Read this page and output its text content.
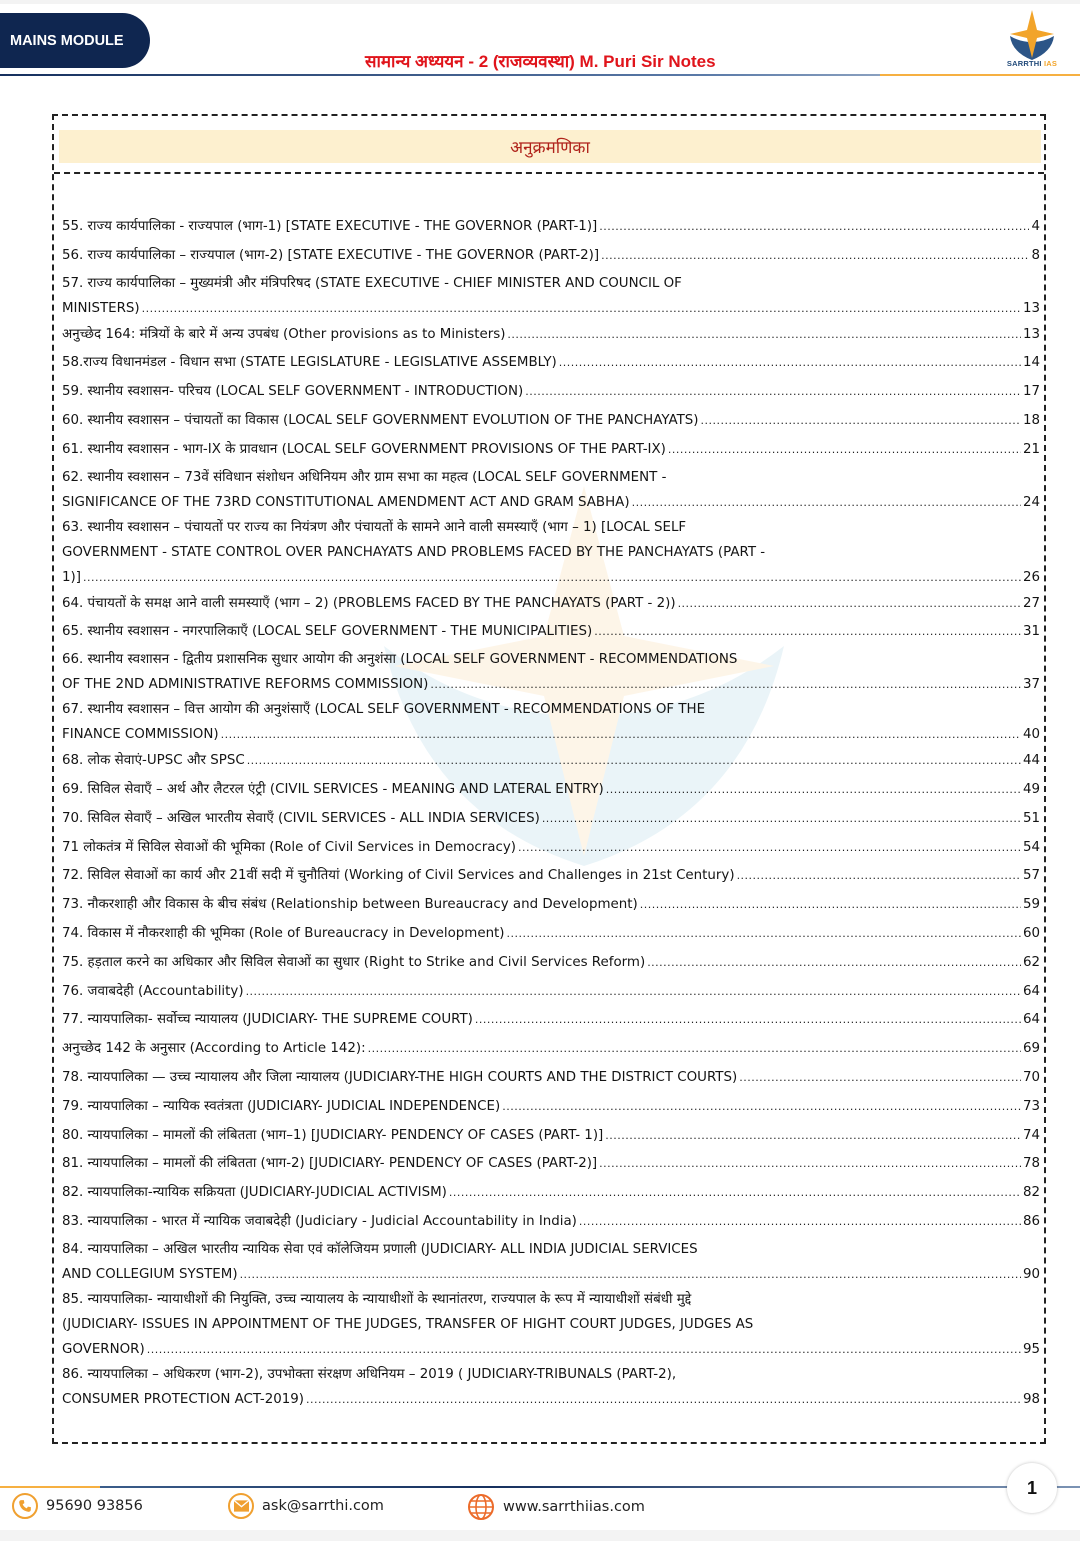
MAINS MODULE
सामान्य अध्ययन - 2 (राजव्यवस्था) M. Puri Sir Notes	SARRTHI IAS
अनुक्रमणिका
55. राज्य कार्यपालिका - राज्यपाल (भाग-1) [STATE EXECUTIVE - THE GOVERNOR (PART-1)] .....	4
56. राज्य कार्यपालिका – राज्यपाल (भाग-2) [STATE EXECUTIVE - THE GOVERNOR (PART-2)] .....	8
57. राज्य कार्यपालिका – मुख्यमंत्री और मंत्रिपरिषद (STATE EXECUTIVE - CHIEF MINISTER AND COUNCIL OF
MINISTERS) .....	13
अनुच्छेद 164: मंत्रियों के बारे में अन्य उपबंध (Other provisions as to Ministers) .....	13
58.राज्य विधानमंडल - विधान सभा (STATE LEGISLATURE - LEGISLATIVE ASSEMBLY) .....	14
59. स्थानीय स्वशासन- परिचय (LOCAL SELF GOVERNMENT - INTRODUCTION) .....	17
60. स्थानीय स्वशासन – पंचायतों का विकास (LOCAL SELF GOVERNMENT EVOLUTION OF THE PANCHAYATS) .....	18
61. स्थानीय स्वशासन - भाग-IX के प्रावधान (LOCAL SELF GOVERNMENT PROVISIONS OF THE PART-IX) .....	21
62. स्थानीय स्वशासन – 73वें संविधान संशोधन अधिनियम और ग्राम सभा का महत्व (LOCAL SELF GOVERNMENT -
SIGNIFICANCE OF THE 73RD CONSTITUTIONAL AMENDMENT ACT AND GRAM SABHA) .....	24
63. स्थानीय स्वशासन – पंचायतों पर राज्य का नियंत्रण और पंचायतों के सामने आने वाली समस्याएँ (भाग – 1) [LOCAL SELF
GOVERNMENT - STATE CONTROL OVER PANCHAYATS AND PROBLEMS FACED BY THE PANCHAYATS (PART -
1)] .....	26
64. पंचायतों के समक्ष आने वाली समस्याएँ (भाग – 2) (PROBLEMS FACED BY THE PANCHAYATS (PART - 2)) .....	27
65. स्थानीय स्वशासन - नगरपालिकाएँ (LOCAL SELF GOVERNMENT - THE MUNICIPALITIES) .....	31
66. स्थानीय स्वशासन - द्वितीय प्रशासनिक सुधार आयोग की अनुशंसा (LOCAL SELF GOVERNMENT - RECOMMENDATIONS
OF THE 2ND ADMINISTRATIVE REFORMS COMMISSION) .....	37
67. स्थानीय स्वशासन – वित्त आयोग की अनुशंसाएँ (LOCAL SELF GOVERNMENT - RECOMMENDATIONS OF THE
FINANCE COMMISSION) .....	40
68. लोक सेवाएं-UPSC और SPSC .....	44
69. सिविल सेवाएँ – अर्थ और लैटरल एंट्री (CIVIL SERVICES - MEANING AND LATERAL ENTRY) .....	49
70. सिविल सेवाएँ – अखिल भारतीय सेवाएँ (CIVIL SERVICES - ALL INDIA SERVICES) .....	51
71 लोकतंत्र में सिविल सेवाओं की भूमिका (Role of Civil Services in Democracy) .....	54
72. सिविल सेवाओं का कार्य और 21वीं सदी में चुनौतियां (Working of Civil Services and Challenges in 21st Century) .....	57
73. नौकरशाही और विकास के बीच संबंध (Relationship between Bureaucracy and Development) .....	59
74. विकास में नौकरशाही की भूमिका (Role of Bureaucracy in Development) .....	60
75. हड़ताल करने का अधिकार और सिविल सेवाओं का सुधार (Right to Strike and Civil Services Reform) .....	62
76. जवाबदेही (Accountability) .....	64
77. न्यायपालिका- सर्वोच्च न्यायालय (JUDICIARY- THE SUPREME COURT) .....	64
अनुच्छेद 142 के अनुसार (According to Article 142): .....	69
78. न्यायपालिका — उच्च न्यायालय और जिला न्यायालय (JUDICIARY-THE HIGH COURTS AND THE DISTRICT COURTS) .....	70
79. न्यायपालिका – न्यायिक स्वतंत्रता (JUDICIARY- JUDICIAL INDEPENDENCE) .....	73
80. न्यायपालिका – मामलों की लंबितता (भाग–1) [JUDICIARY- PENDENCY OF CASES (PART- 1)] .....	74
81. न्यायपालिका – मामलों की लंबितता (भाग-2) [JUDICIARY- PENDENCY OF CASES (PART-2)] .....	78
82. न्यायपालिका-न्यायिक सक्रियता (JUDICIARY-JUDICIAL ACTIVISM) .....	82
83. न्यायपालिका - भारत में न्यायिक जवाबदेही (Judiciary - Judicial Accountability in India) .....	86
84. न्यायपालिका – अखिल भारतीय न्यायिक सेवा एवं कॉलेजियम प्रणाली (JUDICIARY- ALL INDIA JUDICIAL SERVICES
AND COLLEGIUM SYSTEM) .....	90
85. न्यायपालिका- न्यायाधीशों की नियुक्ति, उच्च न्यायालय के न्यायाधीशों के स्थानांतरण, राज्यपाल के रूप में न्यायाधीशों संबंधी मुद्दे
(JUDICIARY- ISSUES IN APPOINTMENT OF THE JUDGES, TRANSFER OF HIGHT COURT JUDGES, JUDGES AS
GOVERNOR) .....	95
86. न्यायपालिका – अधिकरण (भाग-2), उपभोक्ता संरक्षण अधिनियम – 2019 ( JUDICIARY-TRIBUNALS (PART-2),
CONSUMER PROTECTION ACT-2019) .....	98
95690 93856	ask@sarrthi.com	www.sarrthiias.com
1
